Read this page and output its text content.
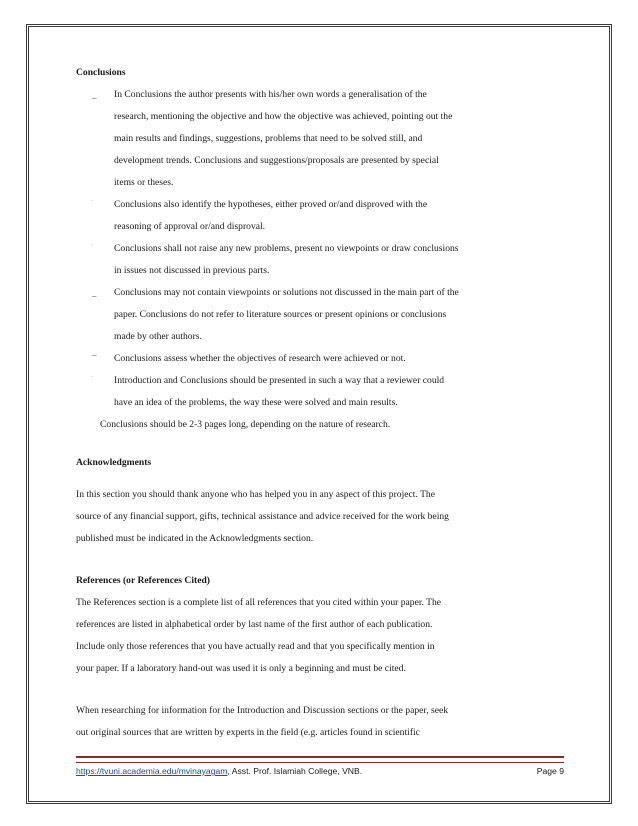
Conclusions
_	In Conclusions the author presents with his/her own words a generalisation of the
research, mentioning the objective and how the objective was achieved, pointing out the
main results and findings, suggestions, problems that need to be solved still, and
development trends. Conclusions and suggestions/proposals are presented by special
items or theses.
Conclusions also identify the hypotheses, either proved or/and disproved with the
reasoning of approval or/and disproval.
Conclusions shall not raise any new problems, present no viewpoints or draw conclusions
in issues not discussed in previous parts.
_	Conclusions may not contain viewpoints or solutions not discussed in the main part of the
paper. Conclusions do not refer to literature sources or present opinions or conclusions
made by other authors.
¯	Conclusions assess whether the objectives of research were achieved or not.
Introduction and Conclusions should be presented in such a way that a reviewer could
have an idea of the problems, the way these were solved and main results.
Conclusions should be 2-3 pages long, depending on the nature of research.
Acknowledgments
In this section you should thank anyone who has helped you in any aspect of this project. The
source of any financial support, gifts, technical assistance and advice received for the work being
published must be indicated in the Acknowledgments section.
References (or References Cited)
The References section is a complete list of all references that you cited within your paper. The
references are listed in alphabetical order by last name of the first author of each publication.
Include only those references that you have actually read and that you specifically mention in
your paper. If a laboratory hand-out was used it is only a beginning and must be cited.
When researching for information for the Introduction and Discussion sections or the paper, seek
out original sources that are written by experts in the field (e.g. articles found in scientific
https://tvuni.academia.edu/mvinayagam, Asst. Prof. Islamiah College, VNB.	Page 9
